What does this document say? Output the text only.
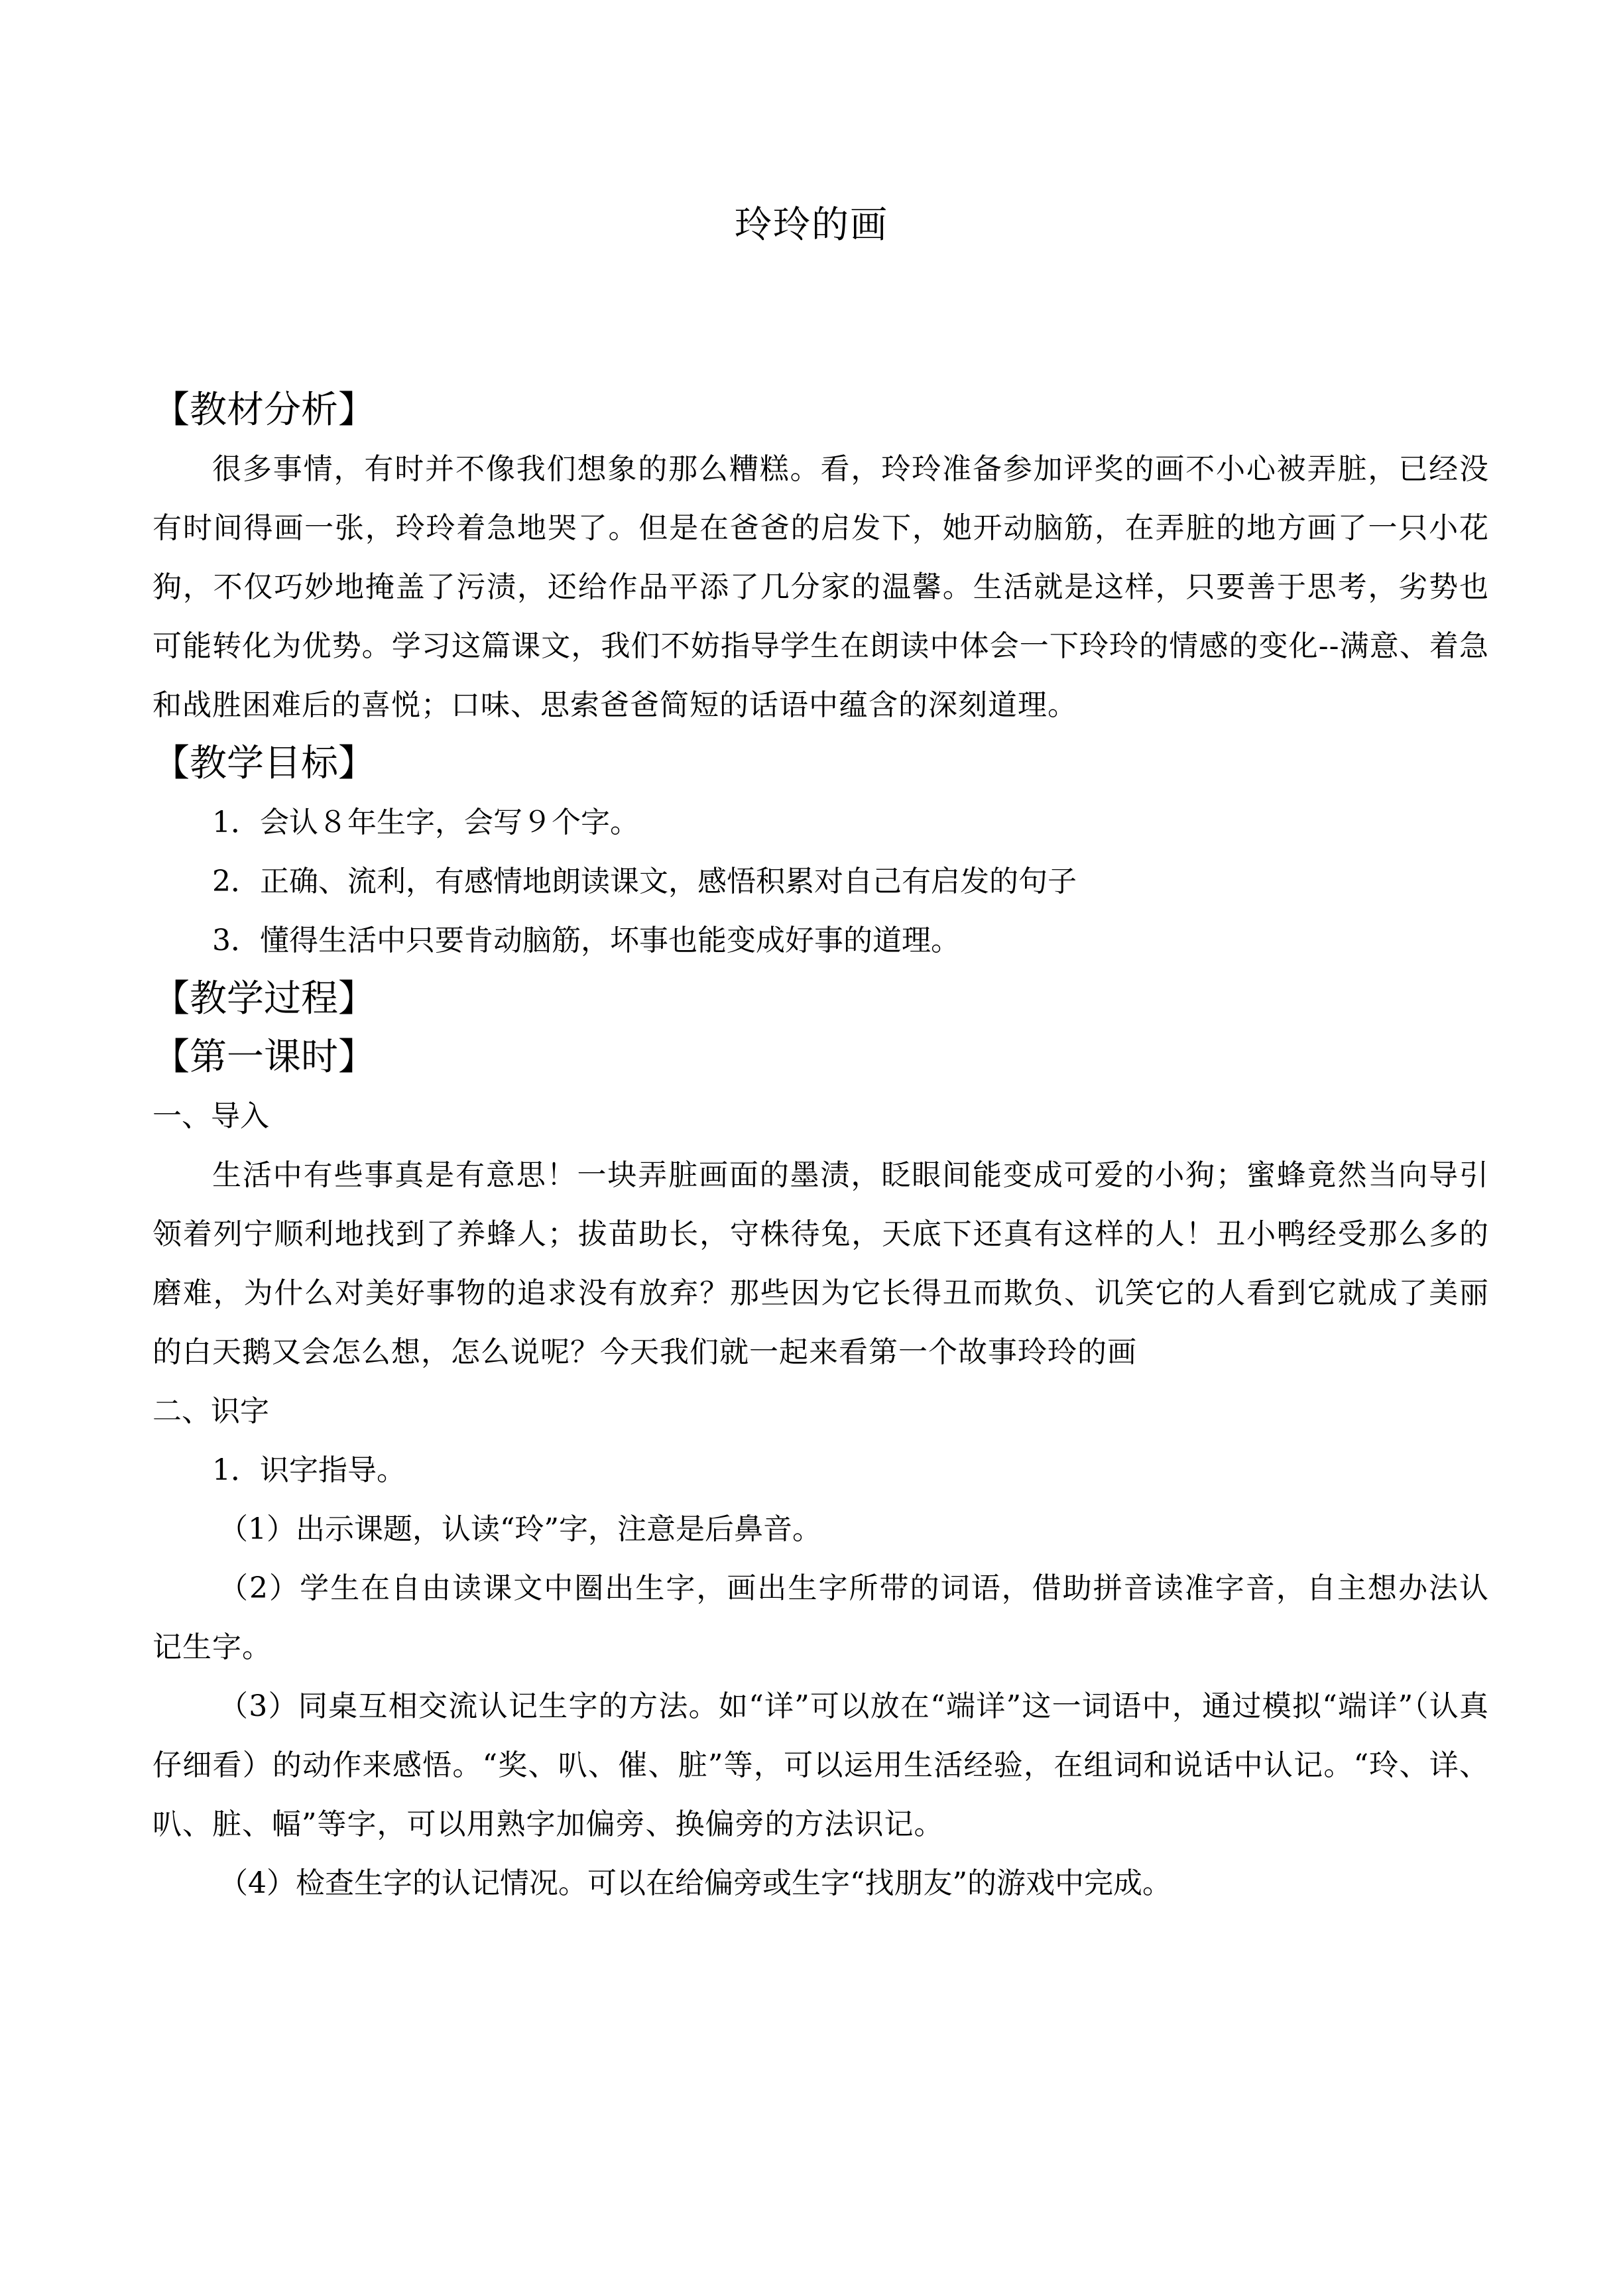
玲玲的画
【教材分析】

很多事情，有时并不像我们想象的那么糟糕。看，玲玲准备参加评奖的画不小心被弄脏，已经没有时间得画一张，玲玲着急地哭了。但是在爸爸的启发下，她开动脑筋，在弄脏的地方画了一只小花狗，不仅巧妙地掩盖了污渍，还给作品平添了几分家的温馨。生活就是这样，只要善于思考，劣势也可能转化为优势。学习这篇课文，我们不妨指导学生在朗读中体会一下玲玲的情感的变化--满意、着急和战胜困难后的喜悦；口味、思索爸爸简短的话语中蕴含的深刻道理。

【教学目标】
1．会认８年生字，会写９个字。
2．正确、流利，有感情地朗读课文，感悟积累对自己有启发的句子
3．懂得生活中只要肯动脑筋，坏事也能变成好事的道理。
【教学过程】
【第一课时】
一、导入

生活中有些事真是有意思！一块弄脏画面的墨渍，眨眼间能变成可爱的小狗；蜜蜂竟然当向导引领着列宁顺利地找到了养蜂人；拔苗助长，守株待兔，天底下还真有这样的人！丑小鸭经受那么多的磨难，为什么对美好事物的追求没有放弃？那些因为它长得丑而欺负、讥笑它的人看到它就成了美丽的白天鹅又会怎么想，怎么说呢？今天我们就一起来看第一个故事玲玲的画

二、识字
1．识字指导。
（1）出示课题，认读“玲”字，注意是后鼻音。

（2）学生在自由读课文中圈出生字，画出生字所带的词语，借助拼音读准字音，自主想办法认记生字。

（3）同桌互相交流认记生字的方法。如“详”可以放在“端详”这一词语中，通过模拟“端详”（认真仔细看）的动作来感悟。“奖、叭、催、脏”等，可以运用生活经验，在组词和说话中认记。“玲、详、叭、脏、幅”等字，可以用熟字加偏旁、换偏旁的方法识记。

（4）检查生字的认记情况。可以在给偏旁或生字“找朋友”的游戏中完成。
